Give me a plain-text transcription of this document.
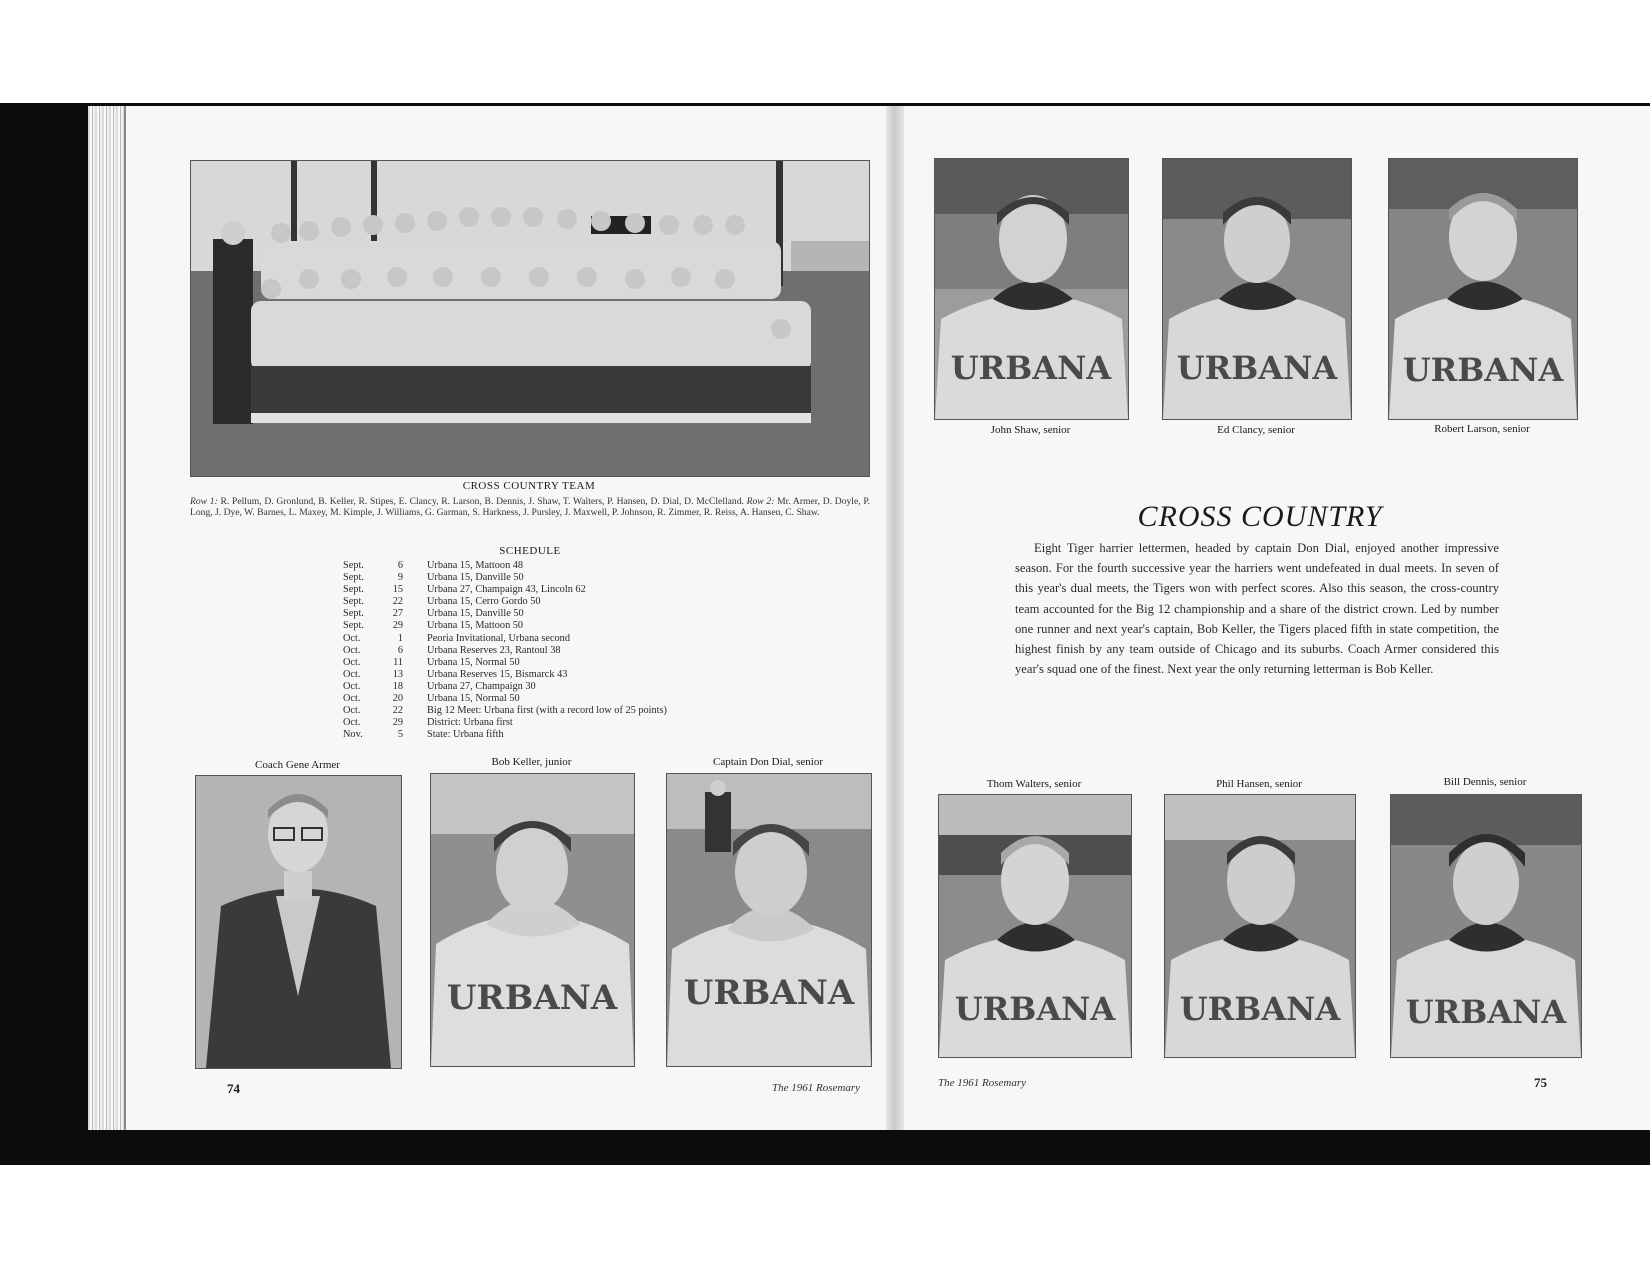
CROSS COUNTRY TEAM
Row 1: R. Pellum, D. Gronlund, B. Keller, R. Stipes, E. Clancy, R. Larson, B. Dennis, J. Shaw, T. Walters, P. Hansen, D. Dial, D. McClelland. Row 2: Mr. Armer, D. Doyle, P. Long, J. Dye, W. Barnes, L. Maxey, M. Kimple, J. Williams, G. Garman, S. Harkness, J. Pursley, J. Maxwell, P. Johnson, R. Zimmer, R. Reiss, A. Hansen, C. Shaw.
SCHEDULE
Sept.	6 Urbana 15, Mattoon 48
Sept.	9 Urbana 15, Danville 50
Sept.	15 Urbana 27, Champaign 43, Lincoln 62
Sept.	22 Urbana 15, Cerro Gordo 50
Sept.	27 Urbana 15, Danville 50
Sept.	29 Urbana 15, Mattoon 50
Oct.	1 Peoria Invitational, Urbana second
Oct.	6 Urbana Reserves 23, Rantoul 38
Oct.	11 Urbana 15, Normal 50
Oct.	13 Urbana Reserves 15, Bismarck 43
Oct.	18 Urbana 27, Champaign 30
Oct.	20 Urbana 15, Normal 50
Oct.	22 Big 12 Meet: Urbana first (with a record low of 25 points)
Oct.	29 District: Urbana first
Nov.	5 State: Urbana fifth
Coach Gene Armer	Bob Keller, junior
URBANA
Captain Don Dial, senior
URBANA
74	The 1961 Rosemary
URBANA
John Shaw, senior
URBANA
Ed Clancy, senior
URBANA
Robert Larson, senior
CROSS COUNTRY
Eight Tiger harrier lettermen, headed by captain Don Dial, enjoyed another impressive season. For the fourth successive year the harriers went undefeated in dual meets. In seven of this year's dual meets, the Tigers won with perfect scores. Also this season, the cross-country team accounted for the Big 12 championship and a share of the district crown. Led by number one runner and next year's captain, Bob Keller, the Tigers placed fifth in state competition, the highest finish by any team outside of Chicago and its suburbs. Coach Armer considered this year's squad one of the finest. Next year the only returning letterman is Bob Keller.
Thom Walters, senior
URBANA
Phil Hansen, senior
URBANA
Bill Dennis, senior
URBANA
The 1961 Rosemary	75
